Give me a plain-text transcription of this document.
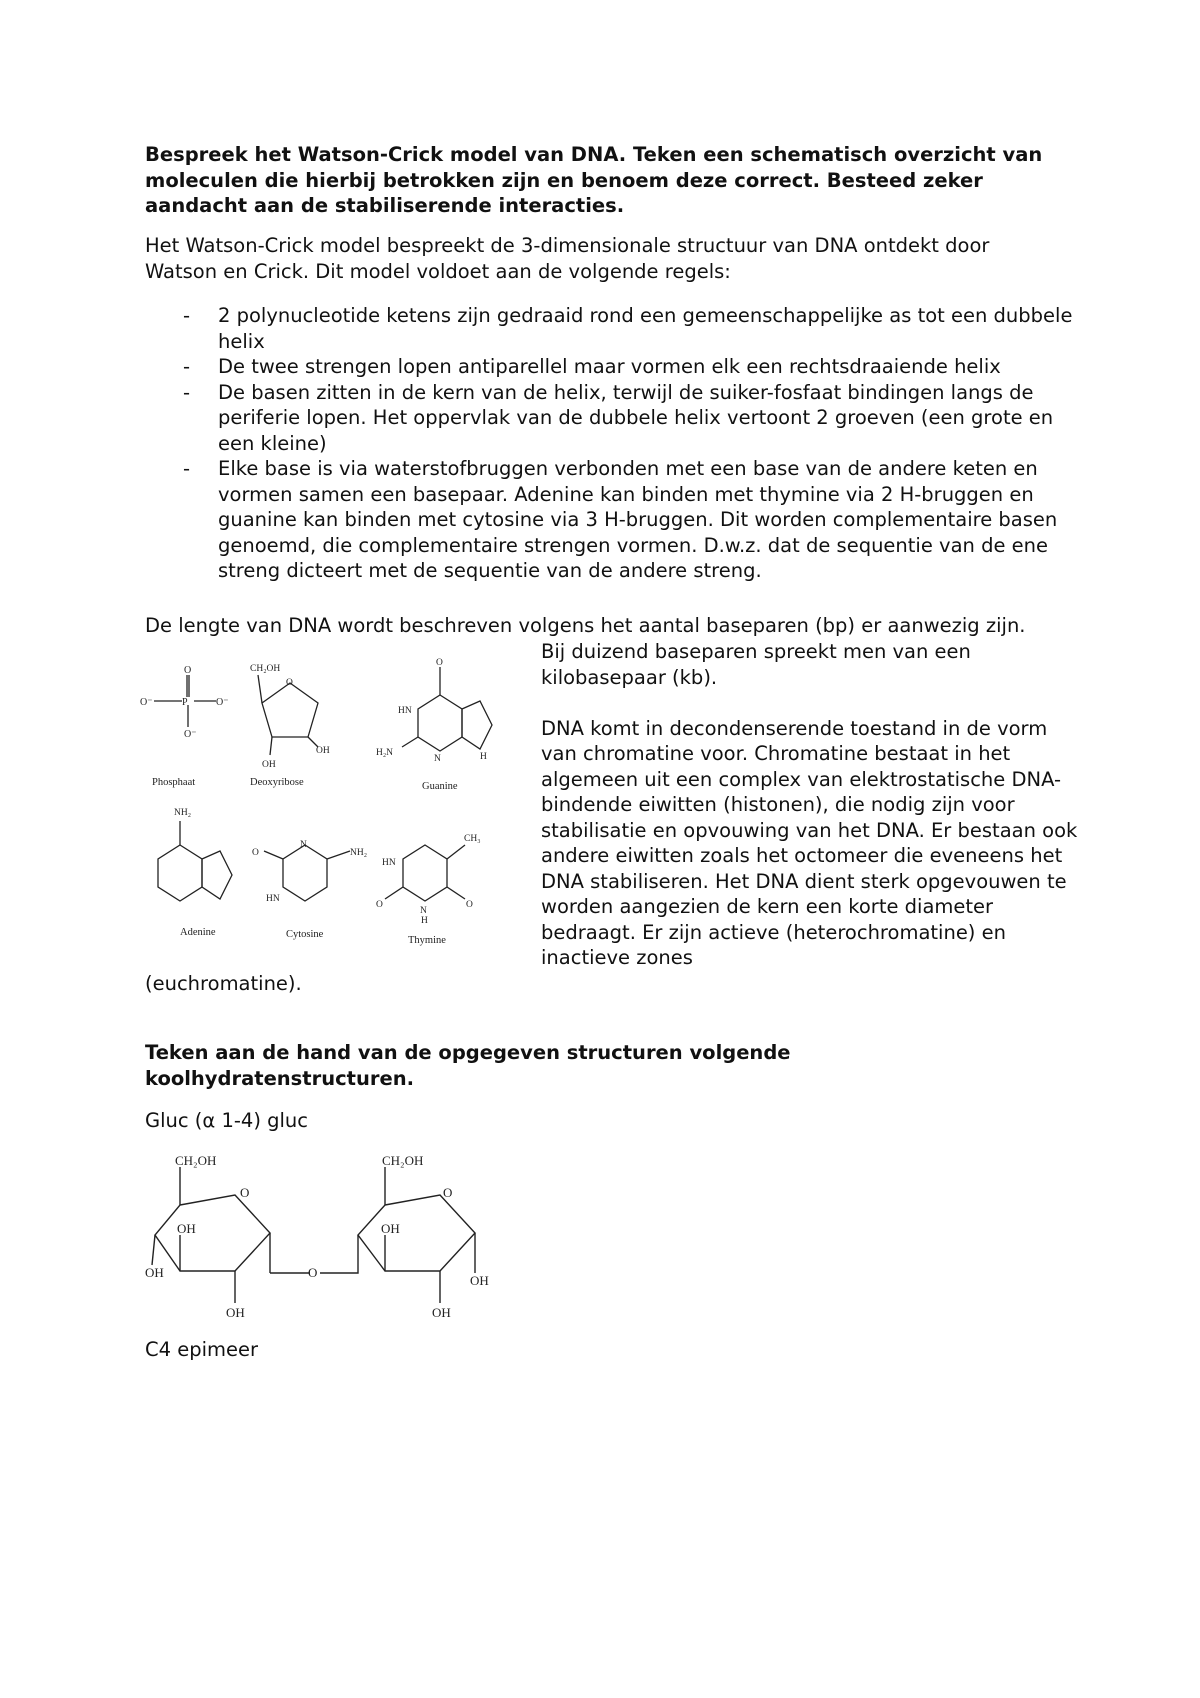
Bespreek het Watson-Crick model van DNA. Teken een schematisch overzicht van moleculen die hierbij betrokken zijn en benoem deze correct. Besteed zeker aandacht aan de stabiliserende interacties.

Het Watson-Crick model bespreekt de 3-dimensionale structuur van DNA ontdekt door Watson en Crick. Dit model voldoet aan de volgende regels:

- 2 polynucleotide ketens zijn gedraaid rond een gemeenschappelijke as tot een dubbele helix
- De twee strengen lopen antiparellel maar vormen elk een rechtsdraaiende helix
- De basen zitten in de kern van de helix, terwijl de suiker-fosfaat bindingen langs de periferie lopen. Het oppervlak van de dubbele helix vertoont 2 groeven (een grote en een kleine)
- Elke base is via waterstofbruggen verbonden met een base van de andere keten en vormen samen een basepaar. Adenine kan binden met thymine via 2 H-bruggen en guanine kan binden met cytosine via 3 H-bruggen. Dit worden complementaire basen genoemd, die complementaire strengen vormen. D.w.z. dat de sequentie van de ene streng dicteert met de sequentie van de andere streng.

De lengte van DNA wordt beschreven volgens het aantal baseparen (bp) er aanwezig zijn.

O
P
O⁻	O⁻
O⁻
Phosphaat
CH₂OH
O
OH
OH
Deoxyribose
O
HN
H₂N
N	H
Guanine
NH₂
Adenine
NH₂
N
O
HN
Cytosine
CH₃
O
O
HN
N
H
Thymine

Bij duizend baseparen spreekt men van een kilobasepaar (kb).

DNA komt in decondenserende toestand in de vorm van chromatine voor. Chromatine bestaat in het algemeen uit een complex van elektrostatische DNA-bindende eiwitten (histonen), die nodig zijn voor stabilisatie en opvouwing van het DNA. Er bestaan ook andere eiwitten zoals het octomeer die eveneens het DNA stabiliseren. Het DNA dient sterk opgevouwen te worden aangezien de kern een korte diameter bedraagt. Er zijn actieve (heterochromatine) en inactieve zones

(euchromatine).

Teken aan de hand van de opgegeven structuren volgende koolhydratenstructuren.

Gluc (α 1-4) gluc

CH₂OH
O
OH
OH
OH
O
CH₂OH
O
OH
OH
OH

C4 epimeer
